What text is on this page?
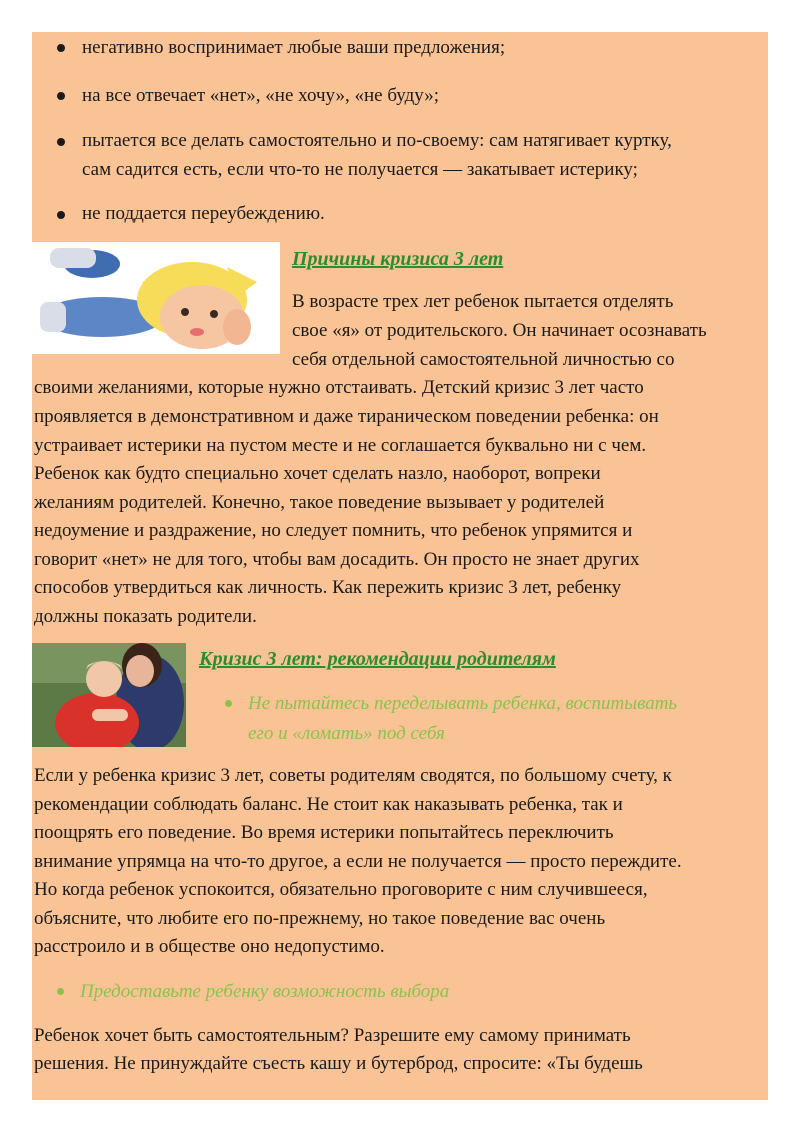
негативно воспринимает любые ваши предложения;

на все отвечает «нет», «не хочу», «не буду»;

пытается все делать самостоятельно и по-своему: сам натягивает куртку,

сам садится есть, если что-то не получается — закатывает истерику;

не поддается переубеждению.

Причины кризиса 3 лет

В возрасте трех лет ребенок пытается отделять

свое «я» от родительского. Он начинает осознавать

себя отдельной самостоятельной личностью со

своими желаниями, которые нужно отстаивать. Детский кризис 3 лет часто

проявляется в демонстративном и даже тираническом поведении ребенка: он

устраивает истерики на пустом месте и не соглашается буквально ни с чем.

Ребенок как будто специально хочет сделать назло, наоборот, вопреки

желаниям родителей. Конечно, такое поведение вызывает у родителей

недоумение и раздражение, но следует помнить, что ребенок упрямится и

говорит «нет» не для того, чтобы вам досадить. Он просто не знает других

способов утвердиться как личность. Как пережить кризис 3 лет, ребенку

должны показать родители.

Кризис 3 лет: рекомендации родителям

Не пытайтесь переделывать ребенка, воспитывать

его и «ломать» под себя

Если у ребенка кризис 3 лет, советы родителям сводятся, по большому счету, к

рекомендации соблюдать баланс. Не стоит как наказывать ребенка, так и

поощрять его поведение. Во время истерики попытайтесь переключить

внимание упрямца на что-то другое, а если не получается — просто переждите.

Но когда ребенок успокоится, обязательно проговорите с ним случившееся,

объясните, что любите его по-прежнему, но такое поведение вас очень

расстроило и в обществе оно недопустимо.

Предоставьте ребенку возможность выбора

Ребенок хочет быть самостоятельным? Разрешите ему самому принимать

решения. Не принуждайте съесть кашу и бутерброд, спросите: «Ты будешь
